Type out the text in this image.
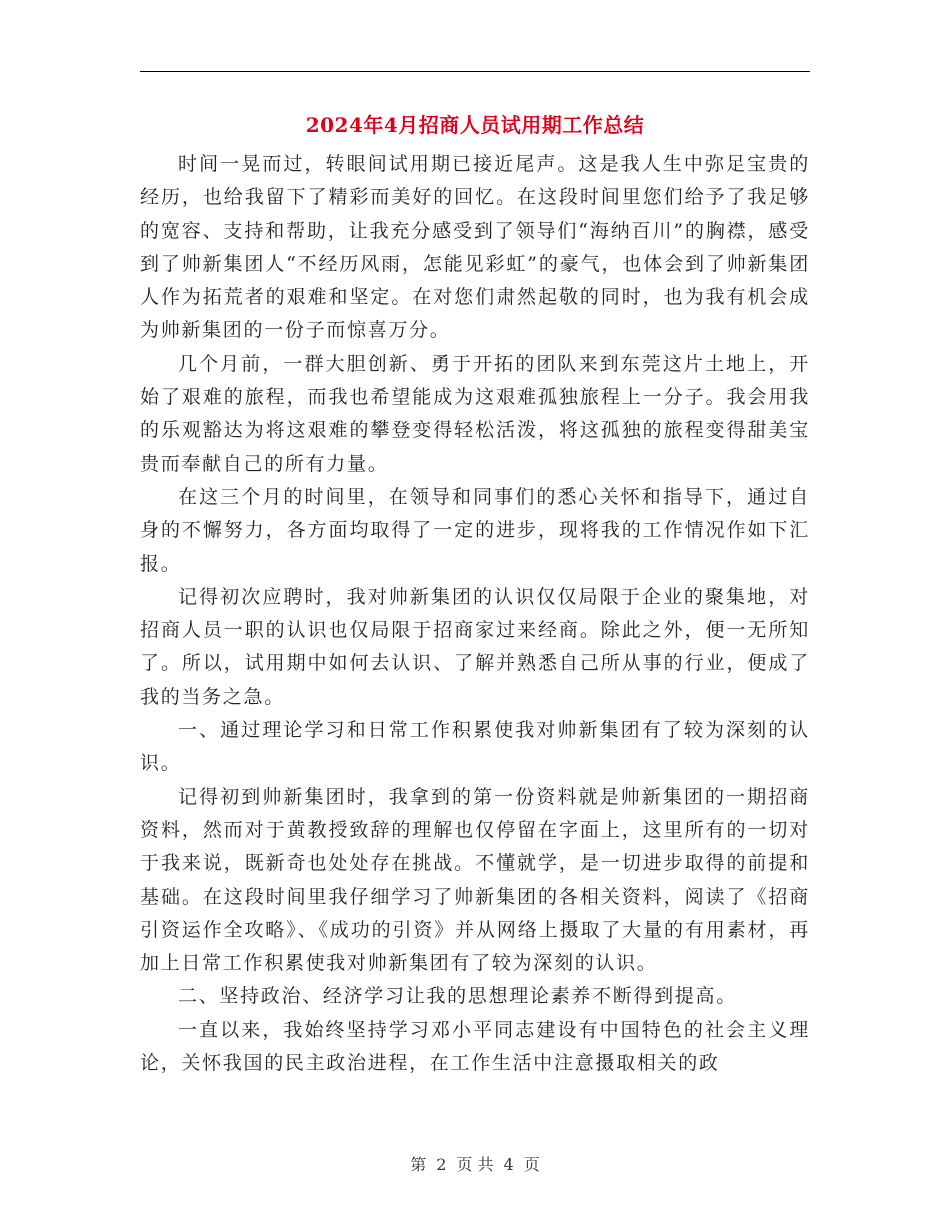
2024年4月招商人员试用期工作总结

时间一晃而过，转眼间试用期已接近尾声。这是我人生中弥足宝贵的经历，也给我留下了精彩而美好的回忆。在这段时间里您们给予了我足够的宽容、支持和帮助，让我充分感受到了领导们“海纳百川”的胸襟，感受到了帅新集团人“不经历风雨，怎能见彩虹”的豪气，也体会到了帅新集团人作为拓荒者的艰难和坚定。在对您们肃然起敬的同时，也为我有机会成为帅新集团的一份子而惊喜万分。

几个月前，一群大胆创新、勇于开拓的团队来到东莞这片土地上，开始了艰难的旅程，而我也希望能成为这艰难孤独旅程上一分子。我会用我的乐观豁达为将这艰难的攀登变得轻松活泼，将这孤独的旅程变得甜美宝贵而奉献自己的所有力量。

在这三个月的时间里，在领导和同事们的悉心关怀和指导下，通过自身的不懈努力，各方面均取得了一定的进步，现将我的工作情况作如下汇报。

记得初次应聘时，我对帅新集团的认识仅仅局限于企业的聚集地，对招商人员一职的认识也仅局限于招商家过来经商。除此之外，便一无所知了。所以，试用期中如何去认识、了解并熟悉自己所从事的行业，便成了我的当务之急。

一、通过理论学习和日常工作积累使我对帅新集团有了较为深刻的认识。

记得初到帅新集团时，我拿到的第一份资料就是帅新集团的一期招商资料，然而对于黄教授致辞的理解也仅停留在字面上，这里所有的一切对于我来说，既新奇也处处存在挑战。不懂就学，是一切进步取得的前提和基础。在这段时间里我仔细学习了帅新集团的各相关资料，阅读了《招商引资运作全攻略》、《成功的引资》并从网络上摄取了大量的有用素材，再加上日常工作积累使我对帅新集团有了较为深刻的认识。

二、坚持政治、经济学习让我的思想理论素养不断得到提高。

一直以来，我始终坚持学习邓小平同志建设有中国特色的社会主义理论，关怀我国的民主政治进程，在工作生活中注意摄取相关的政

第 2 页 共 4 页
